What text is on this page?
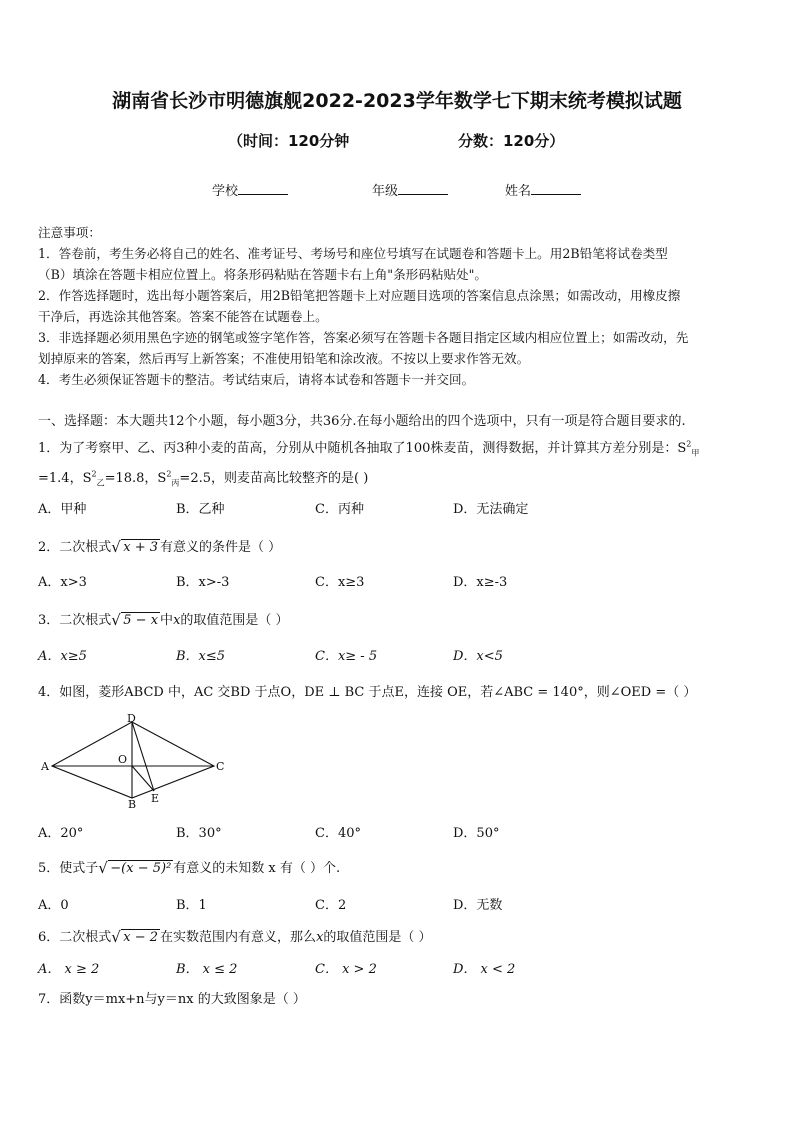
湖南省长沙市明德旗舰2022-2023学年数学七下期末统考模拟试题
（时间：120分钟	分数：120分）
学校	年级	姓名
注意事项：
1．答卷前，考生务必将自己的姓名、准考证号、考场号和座位号填写在试题卷和答题卡上。用2B铅笔将试卷类型
（B）填涂在答题卡相应位置上。将条形码粘贴在答题卡右上角"条形码粘贴处"。
2．作答选择题时，选出每小题答案后，用2B铅笔把答题卡上对应题目选项的答案信息点涂黑；如需改动，用橡皮擦
干净后，再选涂其他答案。答案不能答在试题卷上。
3．非选择题必须用黑色字迹的钢笔或签字笔作答，答案必须写在答题卡各题目指定区域内相应位置上；如需改动，先
划掉原来的答案，然后再写上新答案；不准使用铅笔和涂改液。不按以上要求作答无效。
4．考生必须保证答题卡的整洁。考试结束后，请将本试卷和答题卡一并交回。
一、选择题：本大题共12个小题，每小题3分，共36分.在每小题给出的四个选项中，只有一项是符合题目要求的.
1．为了考察甲、乙、丙3种小麦的苗高，分别从中随机各抽取了100株麦苗，测得数据，并计算其方差分别是：$S^2_甲$
=1.4，$S^2_乙=18.8$，$S^2_丙=2.5$，则麦苗高比较整齐的是( )
A．甲种	B．乙种	C．丙种	D．无法确定
2．二次根式 √ x + 3 有意义的条件是（ ）
A．x>3	B．x>-3	C．x≥3	D．x≥-3
3．二次根式 √ 5 − x 中x的取值范围是（ ）
A．x≥5	B．x≤5	C．x≥ - 5	D．x<5
4．如图，菱形ABCD 中，AC 交BD 于点O，DE ⊥ BC 于点E，连接 OE，若∠ABC = 140°，则∠OED =（ ）
D
A
O
C
B E
A．20°	B．30°	C．40°	D．50°
5．使式子 √ −(x − 5)² 有意义的未知数 x 有（ ）个.
A．0	B．1	C．2	D．无数
6．二次根式 √ x − 2 在实数范围内有意义，那么x的取值范围是（ ）
A． x ≥ 2	B． x ≤ 2	C． x > 2	D． x < 2
7．函数y＝mx+n与y＝nx 的大致图象是（ ）
